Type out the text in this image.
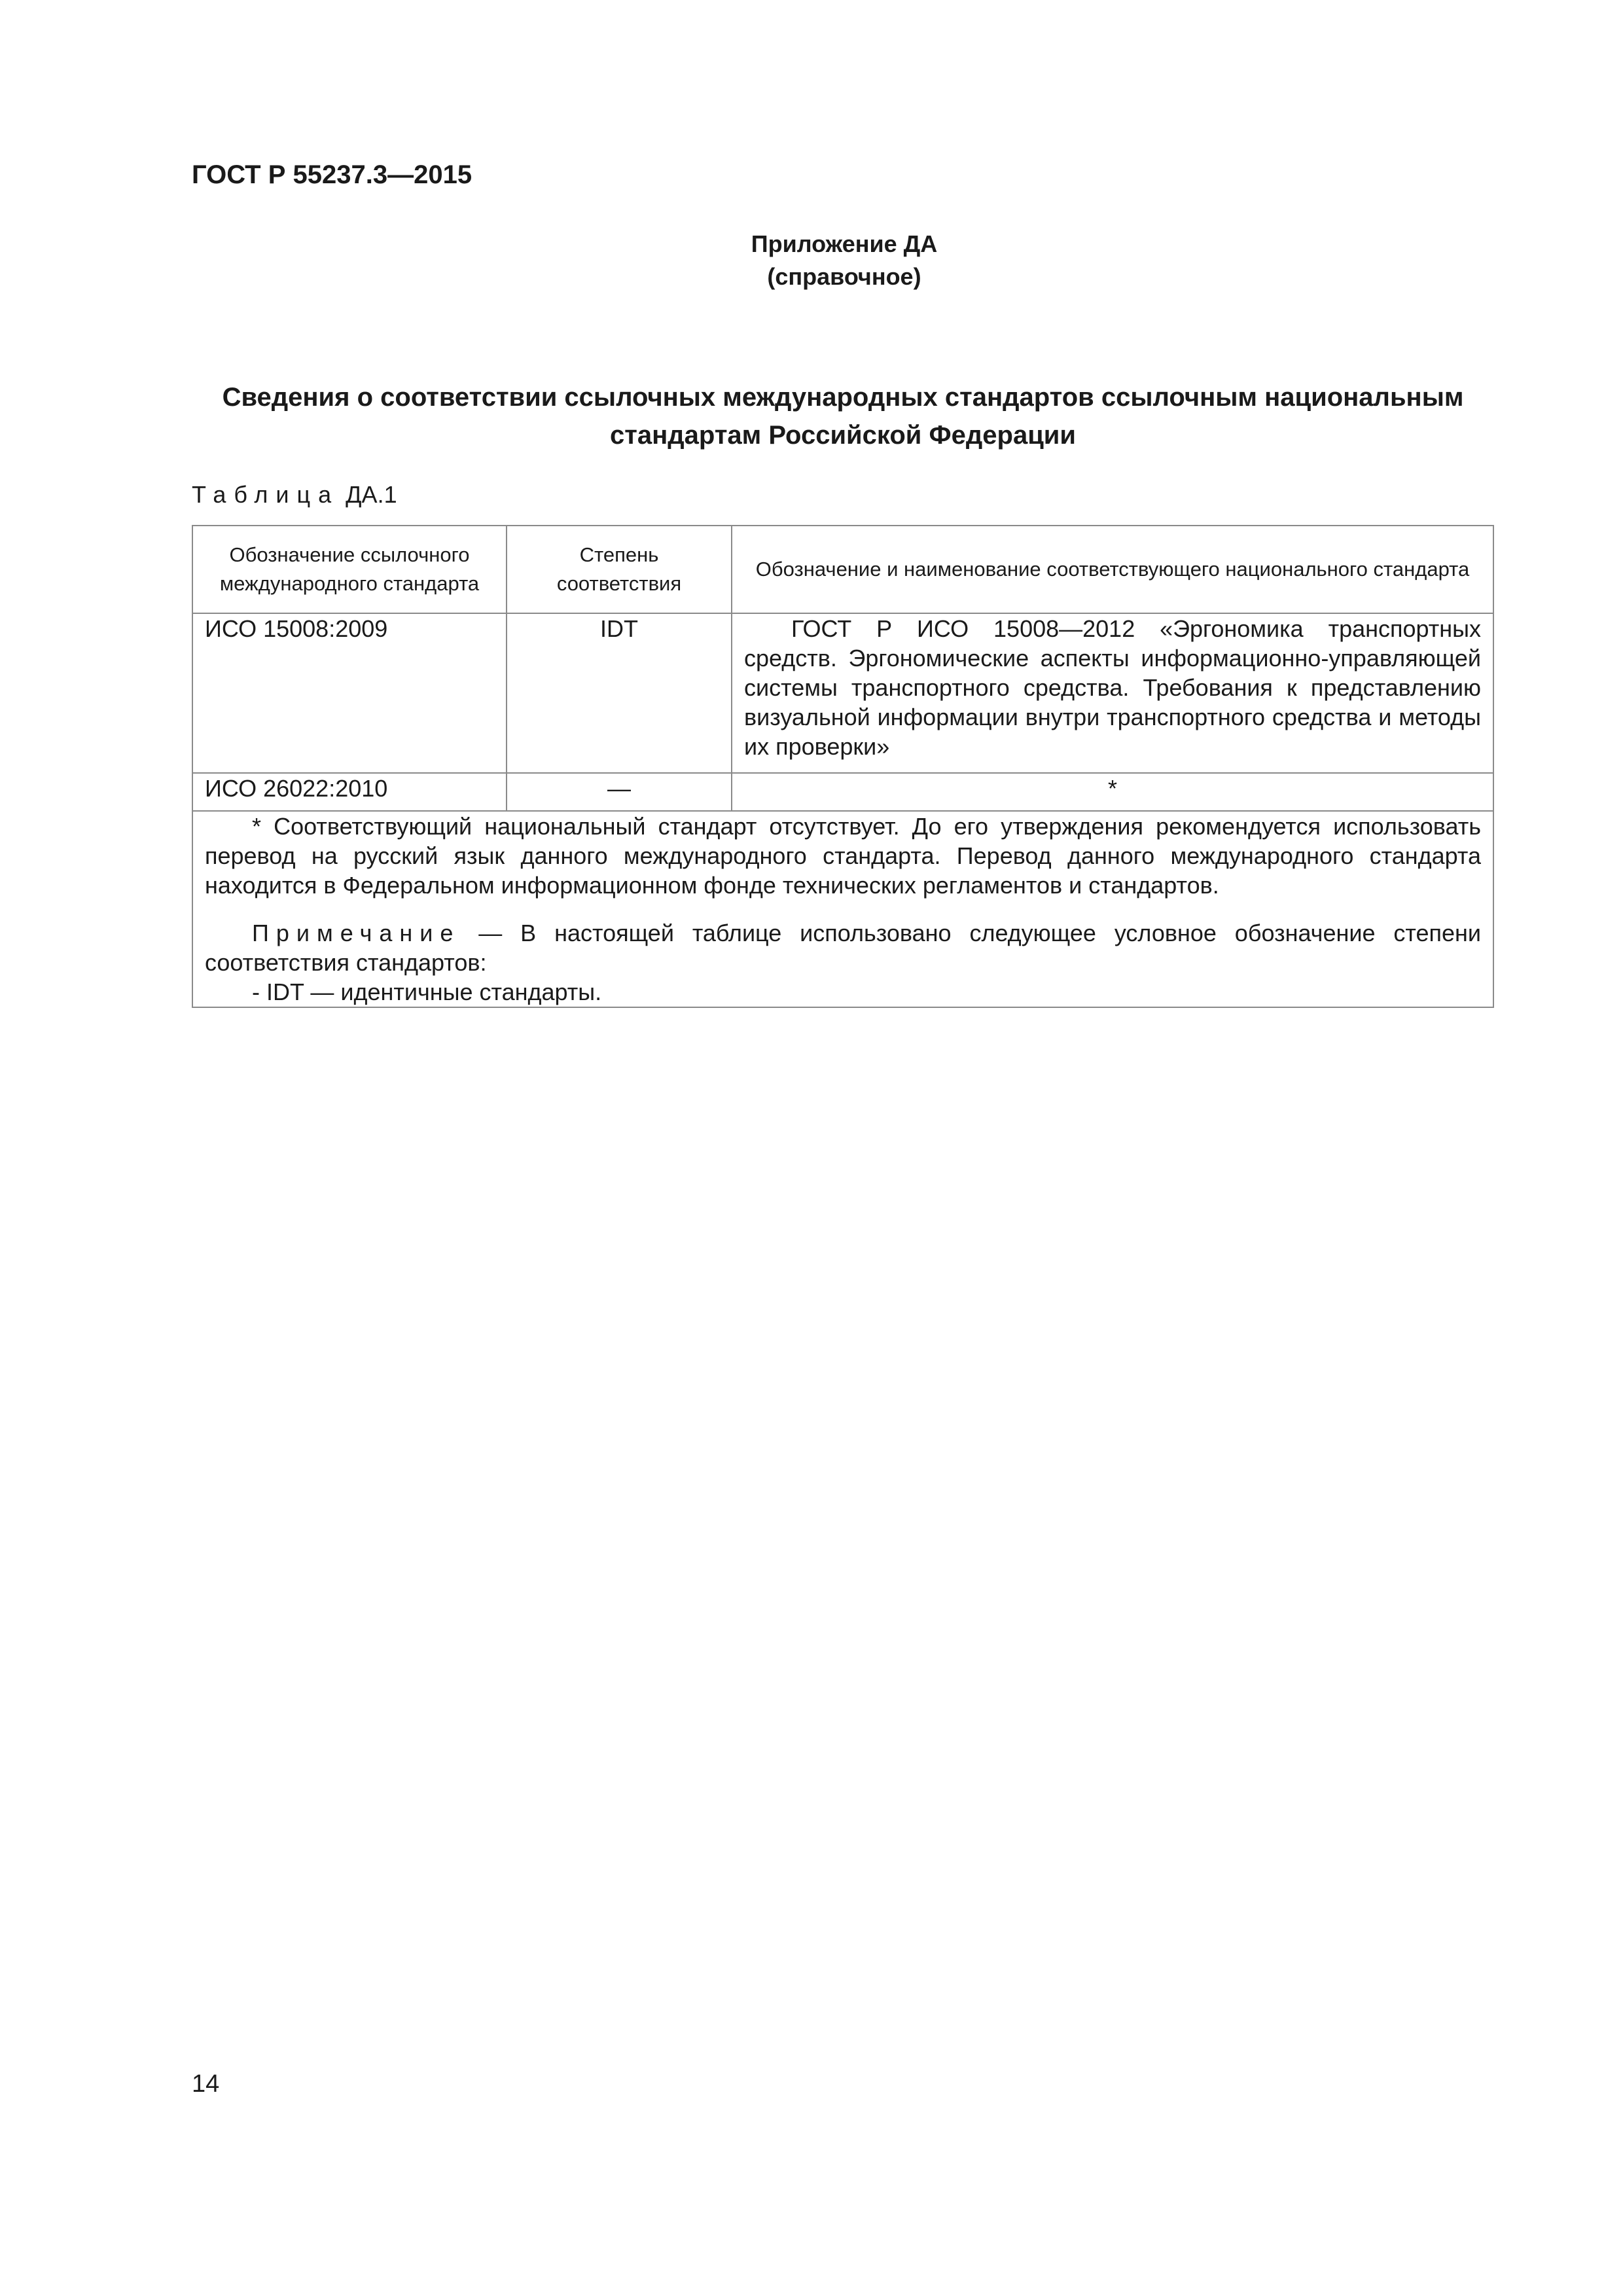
ГОСТ Р 55237.3—2015
Приложение ДА
(справочное)
Сведения о соответствии ссылочных международных стандартов ссылочным национальным
стандартам Российской Федерации
Таблица ДА.1
Обозначение ссылочного международного стандарта	Степень соответствия	Обозначение и наименование соответствующего национального стандарта
ИСО 15008:2009	IDT	ГОСТ Р ИСО 15008—2012 «Эргономика транспортных средств. Эргономические аспекты информационно-управляющей системы транспортного средства. Требования к представлению визуальной информации внутри транспортного средства и методы их проверки»
ИСО 26022:2010	—	*

* Соответствующий национальный стандарт отсутствует. До его утверждения рекомендуется использовать перевод на русский язык данного международного стандарта. Перевод данного международного стандарта находится в Федеральном информационном фонде технических регламентов и стандартов.

Примечание — В настоящей таблице использовано следующее условное обозначение степени соответствия стандартов:

- IDT — идентичные стандарты.		

14
